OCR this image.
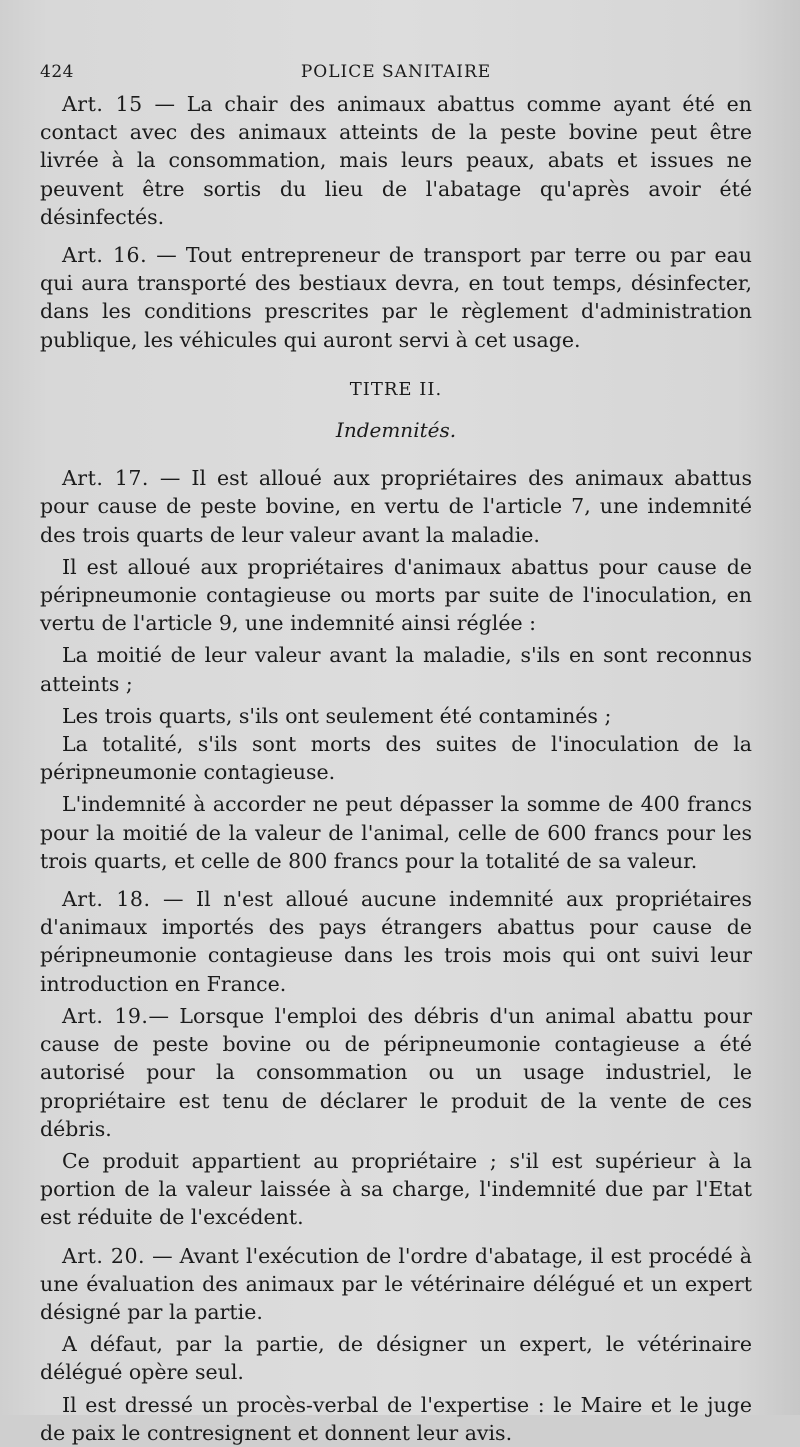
424	POLICE SANITAIRE

Art. 15 — La chair des animaux abattus comme ayant été en contact avec des animaux atteints de la peste bovine peut être livrée à la consommation, mais leurs peaux, abats et issues ne peuvent être sortis du lieu de l'abatage qu'après avoir été désinfectés.

Art. 16. — Tout entrepreneur de transport par terre ou par eau qui aura transporté des bestiaux devra, en tout temps, désinfecter, dans les conditions prescrites par le règlement d'administration publique, les véhicules qui auront servi à cet usage.

TITRE II.
Indemnités.

Art. 17. — Il est alloué aux propriétaires des animaux abattus pour cause de peste bovine, en vertu de l'article 7, une indemnité des trois quarts de leur valeur avant la maladie.

Il est alloué aux propriétaires d'animaux abattus pour cause de péripneumonie contagieuse ou morts par suite de l'inoculation, en vertu de l'article 9, une indemnité ainsi réglée :

La moitié de leur valeur avant la maladie, s'ils en sont reconnus atteints ;

Les trois quarts, s'ils ont seulement été contaminés ;

La totalité, s'ils sont morts des suites de l'inoculation de la péripneumonie contagieuse.

L'indemnité à accorder ne peut dépasser la somme de 400 francs pour la moitié de la valeur de l'animal, celle de 600 francs pour les trois quarts, et celle de 800 francs pour la totalité de sa valeur.

Art. 18. — Il n'est alloué aucune indemnité aux propriétaires d'animaux importés des pays étrangers abattus pour cause de péripneumonie contagieuse dans les trois mois qui ont suivi leur introduction en France.

Art. 19.— Lorsque l'emploi des débris d'un animal abattu pour cause de peste bovine ou de péripneumonie contagieuse a été autorisé pour la consommation ou un usage industriel, le propriétaire est tenu de déclarer le produit de la vente de ces débris.

Ce produit appartient au propriétaire ; s'il est supérieur à la portion de la valeur laissée à sa charge, l'indemnité due par l'Etat est réduite de l'excédent.

Art. 20. — Avant l'exécution de l'ordre d'abatage, il est procédé à une évaluation des animaux par le vétérinaire délégué et un expert désigné par la partie.

A défaut, par la partie, de désigner un expert, le vétérinaire délégué opère seul.

Il est dressé un procès-verbal de l'expertise : le Maire et le juge de paix le contresignent et donnent leur avis.
